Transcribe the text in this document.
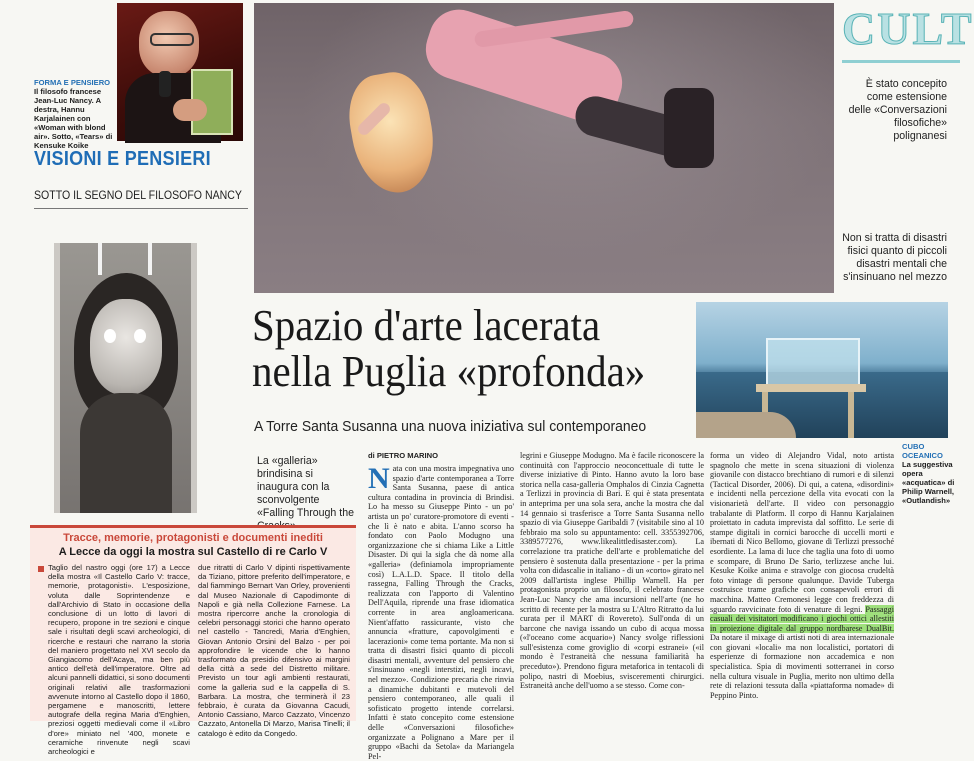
FORMA E PENSIERO
Il filosofo francese Jean-Luc Nancy. A destra, Hannu Karjalainen con «Woman with blond air». Sotto, «Tears» di Kensuke Koike
VISIONI E PENSIERI
SOTTO IL SEGNO DEL FILOSOFO NANCY
CULT
È stato concepito come estensione delle «Conversazioni filosofiche» polignanesi
Non si tratta di disastri fisici quanto di piccoli disastri mentali che s'insinuano nel mezzo
Spazio d'arte lacerata
nella Puglia «profonda»
A Torre Santa Susanna una nuova iniziativa sul contemporaneo
CUBO OCEANICO
La suggestiva opera «acquatica» di Philip Warnell, «Outlandish»
La «galleria» brindisina si inaugura con la sconvolgente «Falling Through the
di PIETRO MARINO
N ata con una mostra impegnativa uno spazio d'arte contemporanea a Torre Santa Susanna, paese di antica cultura contadina in provincia di Brindisi. Lo ha messo su Giuseppe Pinto - un po' artista un po' curatore-promotore di eventi - che lì è nato e abita. L'anno scorso ha fondato con Paolo Modugno una organizzazione che si chiama Like a Little Disaster. Di qui la sigla che dà nome alla «galleria» (definiamola impropriamente così) L.A.L.D. Space. Il titolo della rassegna, Falling Through the Cracks, realizzata con l'apporto di Valentino Dell'Aquila, riprende una frase idiomatica corrente in area angloamericana. Nient'affatto rassicurante, visto che annuncia «fratture, capovolgimenti e lacerazioni» come tema portante. Ma non si tratta di disastri fisici quanto di piccoli disastri mentali, avventure del pensiero che s'insinuano «negli interstizi, negli incavi, nel mezzo». Condizione precaria che rinvia a dinamiche dubitanti e mutevoli del pensiero contemporaneo, alle quali il sofisticato progetto intende correlarsi. Infatti è stato concepito come estensione delle «Conversazioni filosofiche» organizzate a Polignano a Mare per il gruppo «Bachi da Setola» da Mariangela Pel-
legrini e Giuseppe Modugno. Ma è facile riconoscere la continuità con l'approccio neoconcettuale di tutte le diverse iniziative di Pinto. Hanno avuto la loro base storica nella casa-galleria Omphalos di Cinzia Cagnetta a Terlizzi in provincia di Bari. E qui è stata presentata in anteprima per una sola sera, anche la mostra che dal 14 gennaio si trasferisce a Torre Santa Susanna nello spazio di via Giuseppe Garibaldi 7 (visitabile sino al 10 febbraio ma solo su appuntamento: cell. 3355392706, 3389577276, www.likealittledisaster.com). La correlazione tra pratiche dell'arte e problematiche del pensiero è sostenuta dalla presentazione - per la prima volta con didascalie in italiano - di un «corto» girato nel 2009 dall'artista inglese Phillip Warnell. Ha per protagonista proprio un filosofo, il celebrato francese Jean-Luc Nancy che ama incursioni nell'arte (ne ho scritto di recente per la mostra su L'Altro Ritratto da lui curata per il MART di Rovereto). Sull'onda di un barcone che naviga issando un cubo di acqua mossa («l'oceano come acquario») Nancy svolge riflessioni sull'esistenza come groviglio di «corpi estranei» («il mondo è l'estraneità che nessuna familiarità ha preceduto»). Prendono figura metaforica in tentacoli di polipo, nastri di Moebius, sviscerementi chirurgici. Estraneità anche dell'uomo a se stesso. Come con-
forma un video di Alejandro Vidal, noto artista spagnolo che mette in scena situazioni di violenza giovanile con distacco brechtiano di rumori e di silenzi (Tactical Disorder, 2006). Di qui, a catena, «disordini» e incidenti nella percezione della vita evocati con la visionarietà dell'arte. Il video con personaggio trabalante di Platform. Il corpo di Hannu Karjalainen proiettato in caduta imprevista dal soffitto. Le serie di stampe digitali in cornici barocche di uccelli morti e ibernati di Nico Bellomo, giovane di Terlizzi pressoché esordiente. La lama di luce che taglia una foto di uomo e scompare, di Bruno De Sario, terlizzese anche lui. Kesuke Koike anima e stravolge con giocosa crudeltà foto vintage di persone qualunque. Davide Tuberga costruisce trame grafiche con consapevoli errori di macchina. Matteo Cremonesi legge con freddezza di sguardo ravvicinate foto di venature di legni. Passaggi casuali dei visitatori modificano i giochi ottici allestiti in proiezione digitale dal gruppo nordbarese DualBit. Da notare il mixage di artisti noti di area internazionale con giovani «locali» ma non localistici, portatori di esperienze di formazione non accademica e non specialistica. Spia di movimenti sotterranei in corso nella cultura visuale in Puglia, merito non ultimo della rete di relazioni tessuta dalla «piattaforma nomade» di Peppino Pinto.
Tracce, memorie, protagonisti e documenti inediti
A Lecce da oggi la mostra sul Castello di re Carlo V
Taglio del nastro oggi (ore 17) a Lecce della mostra «Il Castello Carlo V: tracce, memorie, protagonisti». L'esposizione, voluta dalle Soprintendenze e dall'Archivio di Stato in occasione della conclusione di un lotto di lavori di recupero, propone in tre sezioni e cinque sale i risultati degli scavi archeologici, di ricerche e restauri che narrano la storia del maniero progettato nel XVI secolo da Giangiacomo dell'Acaya, ma ben più antico dell'età dell'imperatore. Oltre ad alcuni pannelli didattici, si sono documenti originali relativi alle trasformazioni avvenute intorno al Castello dopo il 1860, pergamene e manoscritti, lettere autografe della regina Maria d'Enghien, preziosi oggetti medievali come il «Libro d'ore» miniato nel '400, monete e ceramiche rinvenute negli scavi archeologici e
due ritratti di Carlo V dipinti rispettivamente da Tiziano, pittore preferito dell'imperatore, e dal fiammingo Bernart Van Orley, provenienti dal Museo Nazionale di Capodimonte di Napoli e già nella Collezione Farnese. La mostra ripercorre anche la cronologia di celebri personaggi storici che hanno operato nel castello - Tancredi, Maria d'Enghien, Giovan Antonio Orsini del Balzo - per poi approfondire le vicende che lo hanno trasformato da presidio difensivo ai margini della città a sede del Distretto militare. Previsto un tour agli ambienti restaurati, come la galleria sud e la cappella di S. Barbara. La mostra, che terminerà il 23 febbraio, è curata da Giovanna Cacudi, Antonio Cassiano, Marco Cazzato, Vincenzo Cazzato, Antonella Di Marzo, Marisa Tinelli; il catalogo è edito da Congedo.
